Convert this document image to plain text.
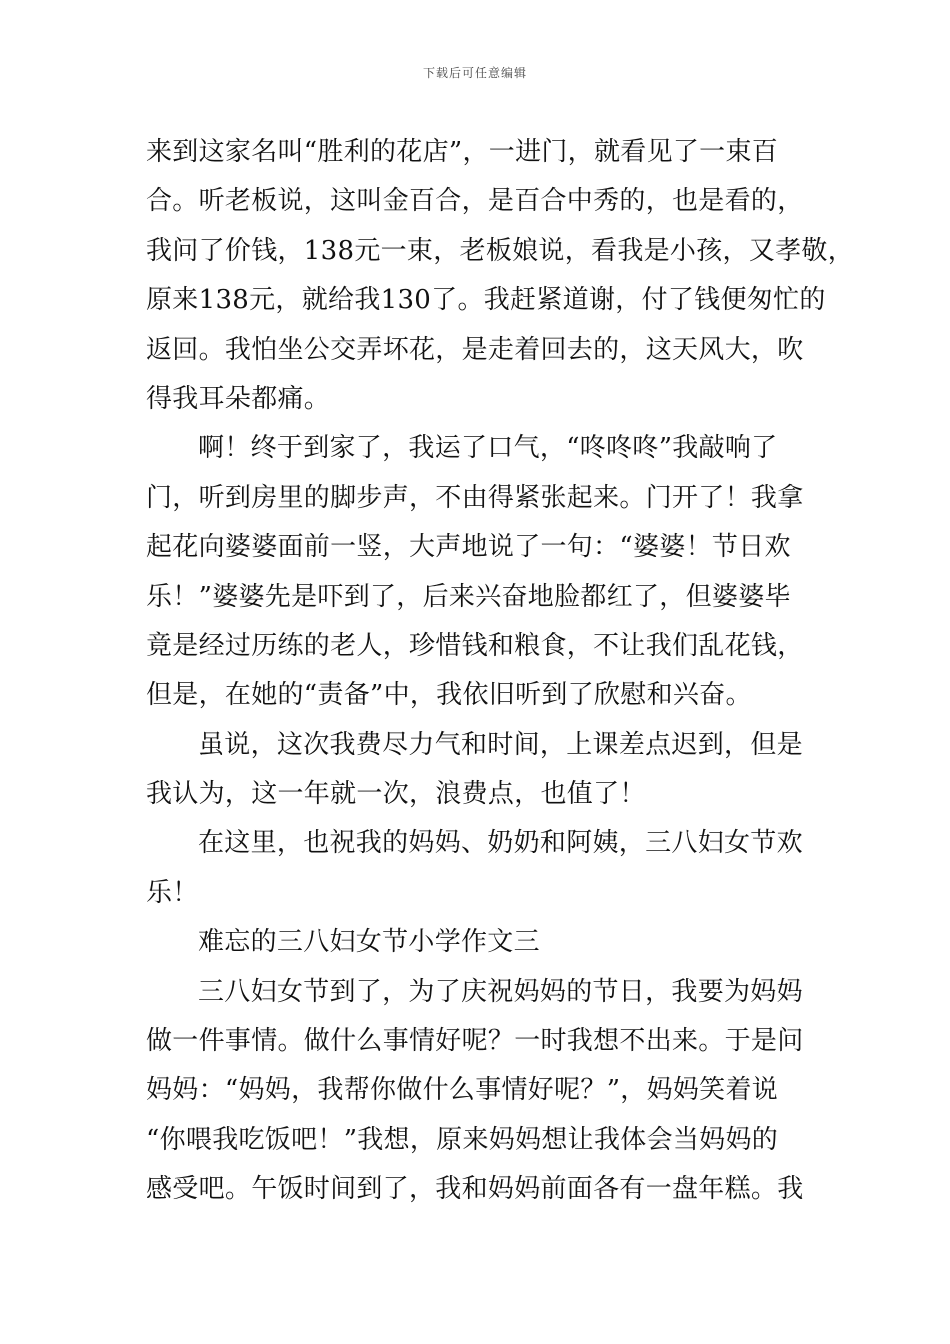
下载后可任意编辑
来到这家名叫“胜利的花店”，一进门，就看见了一束百
合。听老板说，这叫金百合，是百合中秀的，也是看的，
我问了价钱，138元一束，老板娘说，看我是小孩，又孝敬，
原来138元，就给我130了。我赶紧道谢，付了钱便匆忙的
返回。我怕坐公交弄坏花，是走着回去的，这天风大，吹
得我耳朵都痛。
啊！终于到家了，我运了口气，“咚咚咚”我敲响了
门，听到房里的脚步声，不由得紧张起来。门开了！我拿
起花向婆婆面前一竖，大声地说了一句：“婆婆！节日欢
乐！”婆婆先是吓到了，后来兴奋地脸都红了，但婆婆毕
竟是经过历练的老人，珍惜钱和粮食，不让我们乱花钱，
但是，在她的“责备”中，我依旧听到了欣慰和兴奋。
虽说，这次我费尽力气和时间，上课差点迟到，但是
我认为，这一年就一次，浪费点，也值了！
在这里，也祝我的妈妈、奶奶和阿姨，三八妇女节欢
乐！
难忘的三八妇女节小学作文三
三八妇女节到了，为了庆祝妈妈的节日，我要为妈妈
做一件事情。做什么事情好呢？一时我想不出来。于是问
妈妈：“妈妈，我帮你做什么事情好呢？”，妈妈笑着说
“你喂我吃饭吧！”我想，原来妈妈想让我体会当妈妈的
感受吧。午饭时间到了，我和妈妈前面各有一盘年糕。我
